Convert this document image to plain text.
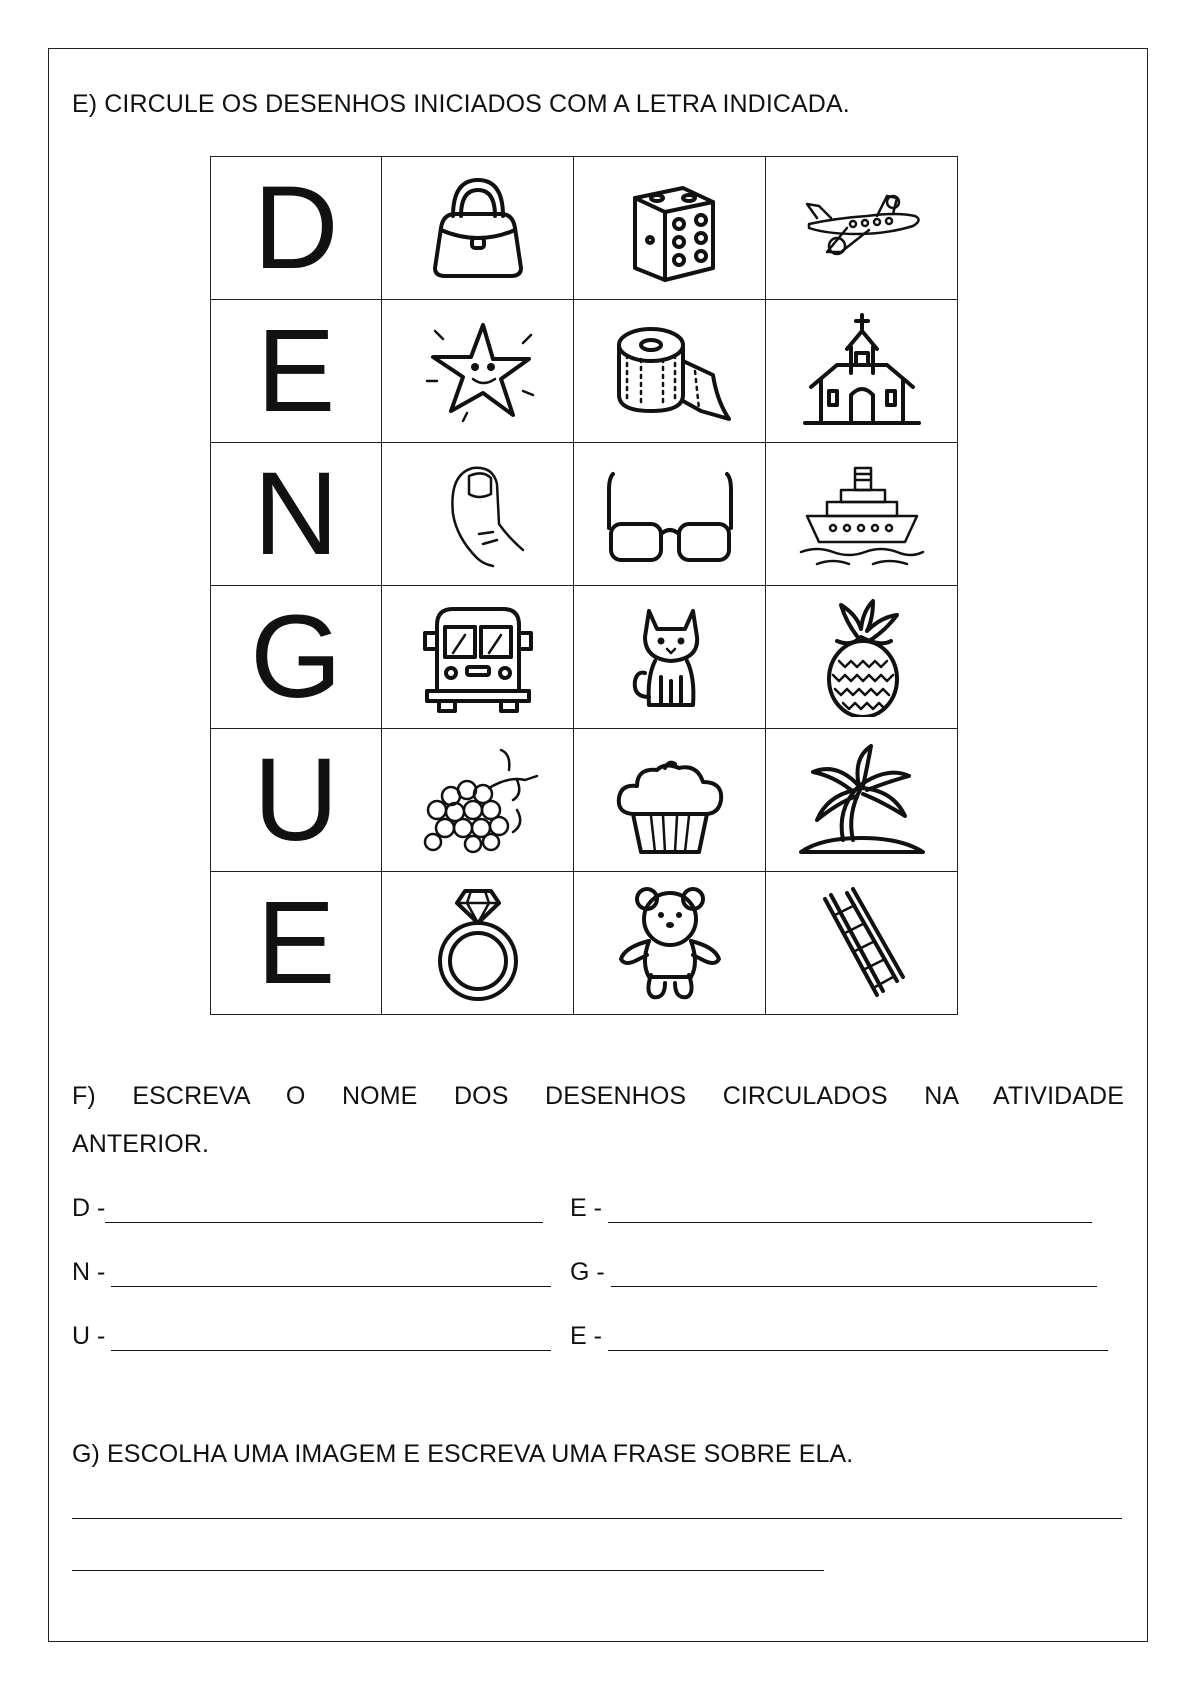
E) CIRCULE OS DESENHOS INICIADOS COM A LETRA INDICADA.

D	

E	

N	

G	

U	

E	

F) ESCREVA O NOME DOS DESENHOS CIRCULADOS NA ATIVIDADE

ANTERIOR.

D -	E -
N -	G -
U -	E -

G) ESCOLHA UMA IMAGEM E ESCREVA UMA FRASE SOBRE ELA.
